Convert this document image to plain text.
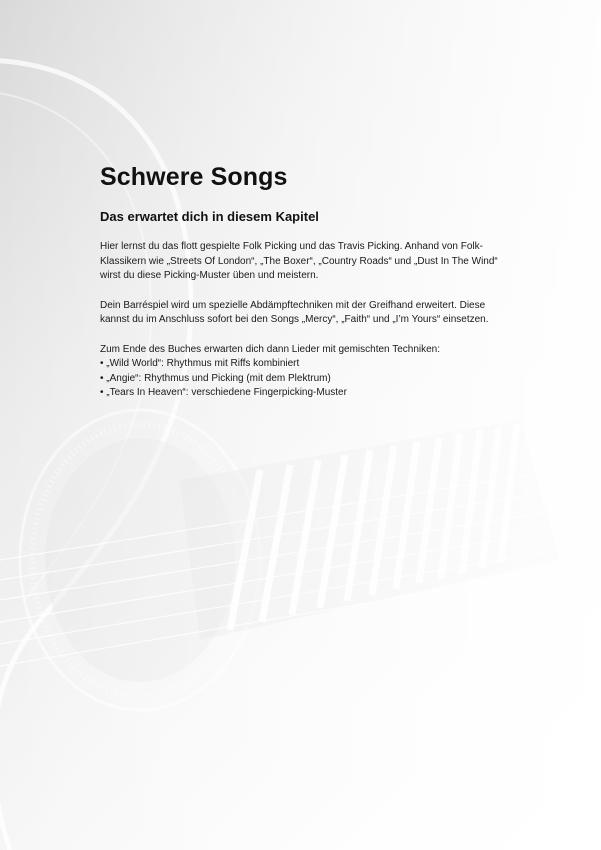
Schwere Songs
Das erwartet dich in diesem Kapitel

Hier lernst du das flott gespielte Folk Picking und das Travis Picking. Anhand von Folk-Klassikern wie „Streets Of London“, „The Boxer“, „Country Roads“ und „Dust In The Wind“ wirst du diese Picking-Muster üben und meistern.

Dein Barréspiel wird um spezielle Abdämpftechniken mit der Greifhand erweitert. Diese kannst du im Anschluss sofort bei den Songs „Mercy“, „Faith“ und „I’m Yours“ einsetzen.

Zum Ende des Buches erwarten dich dann Lieder mit gemischten Techniken:

• „Wild World“: Rhythmus mit Riffs kombiniert
• „Angie“: Rhythmus und Picking (mit dem Plektrum)
• „Tears In Heaven“: verschiedene Fingerpicking-Muster
